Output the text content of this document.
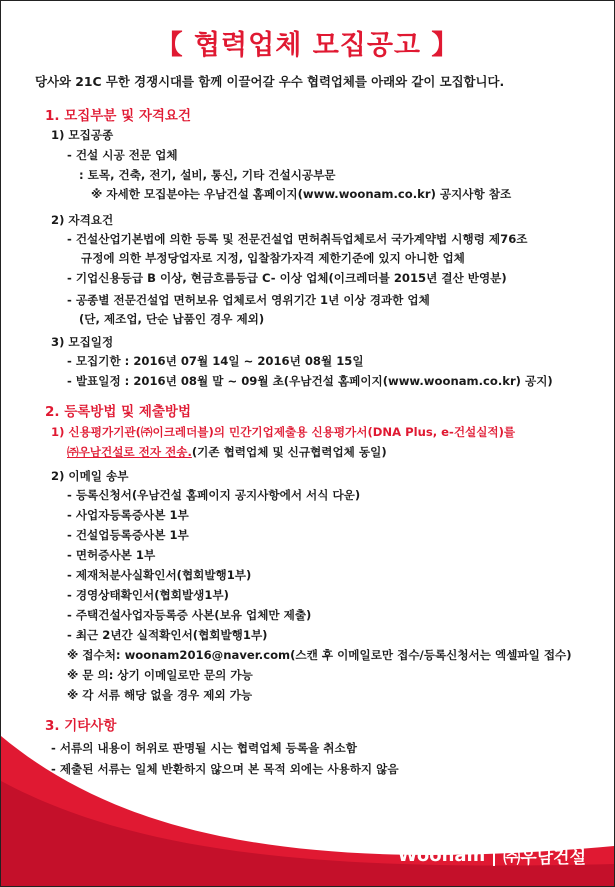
【 협력업체 모집공고 】
당사와 21C 무한 경쟁시대를 함께 이끌어갈 우수 협력업체를 아래와 같이 모집합니다.
1. 모집부분 및 자격요건
1) 모집공종
- 건설 시공 전문 업체
: 토목, 건축, 전기, 설비, 통신, 기타 건설시공부문
※ 자세한 모집분야는 우남건설 홈페이지(www.woonam.co.kr) 공지사항 참조
2) 자격요건
- 건설산업기본법에 의한 등록 및 전문건설업 면허취득업체로서 국가계약법 시행령 제76조
규정에 의한 부정당업자로 지정, 입찰참가자격 제한기준에 있지 아니한 업체
- 기업신용등급 B 이상, 현금흐름등급 C- 이상 업체(이크레더블 2015년 결산 반영분)
- 공종별 전문건설업 면허보유 업체로서 영위기간 1년 이상 경과한 업체
(단, 제조업, 단순 납품인 경우 제외)
3) 모집일정
- 모집기한 : 2016년 07월 14일 ~ 2016년 08월 15일
- 발표일정 : 2016년 08월 말 ~ 09월 초(우남건설 홈페이지(www.woonam.co.kr) 공지)
2. 등록방법 및 제출방법
1) 신용평가기관(㈜이크레더블)의 민간기업제출용 신용평가서(DNA Plus, e-건설실적)를
㈜우남건설로 전자 전송.(기존 협력업체 및 신규협력업체 동일)
2) 이메일 송부
- 등록신청서(우남건설 홈페이지 공지사항에서 서식 다운)
- 사업자등록증사본 1부
- 건설업등록증사본 1부
- 면허증사본 1부
- 제재처분사실확인서(협회발행1부)
- 경영상태확인서(협회발생1부)
- 주택건설사업자등록증 사본(보유 업체만 제출)
- 최근 2년간 실적확인서(협회발행1부)
※ 접수처: woonam2016@naver.com(스캔 후 이메일로만 접수/등록신청서는 엑셀파일 접수)
※ 문 의: 상기 이메일로만 문의 가능
※ 각 서류 해당 없을 경우 제외 가능
3. 기타사항
- 서류의 내용이 허위로 판명될 시는 협력업체 등록을 취소함
- 제출된 서류는 일체 반환하지 않으며 본 목적 외에는 사용하지 않음
Woonam ㈜우남건설
